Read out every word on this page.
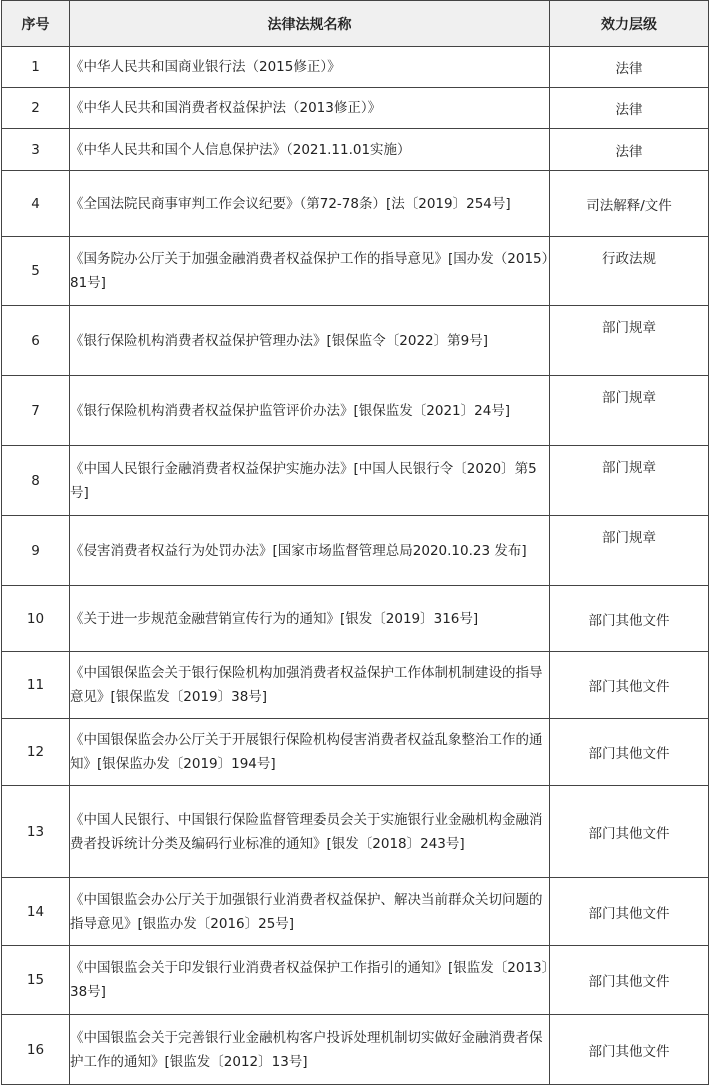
序号	法律法规名称	效力层级
1	《中华人民共和国商业银行法（2015修正）》	法律
2	《中华人民共和国消费者权益保护法（2013修正）》	法律
3	《中华人民共和国个人信息保护法》（2021.11.01实施）	法律
4	《全国法院民商事审判工作会议纪要》（第72-78条）[法〔2019〕254号]	司法解释/文件
5	《国务院办公厅关于加强金融消费者权益保护工作的指导意见》[国办发（2015）81号]	行政法规
6	《银行保险机构消费者权益保护管理办法》[银保监令〔2022〕第9号]	部门规章
7	《银行保险机构消费者权益保护监管评价办法》[银保监发〔2021〕24号]	部门规章
8	《中国人民银行金融消费者权益保护实施办法》[中国人民银行令〔2020〕第5号]	部门规章
9	《侵害消费者权益行为处罚办法》[国家市场监督管理总局2020.10.23 发布]	部门规章
10	《关于进一步规范金融营销宣传行为的通知》[银发〔2019〕316号]	部门其他文件
11	《中国银保监会关于银行保险机构加强消费者权益保护工作体制机制建设的指导意见》[银保监发〔2019〕38号]	部门其他文件
12	《中国银保监会办公厅关于开展银行保险机构侵害消费者权益乱象整治工作的通知》[银保监办发〔2019〕194号]	部门其他文件
13	《中国人民银行、中国银行保险监督管理委员会关于实施银行业金融机构金融消费者投诉统计分类及编码行业标准的通知》[银发〔2018〕243号]	部门其他文件
14	《中国银监会办公厅关于加强银行业消费者权益保护、解决当前群众关切问题的指导意见》[银监办发〔2016〕25号]	部门其他文件
15	《中国银监会关于印发银行业消费者权益保护工作指引的通知》[银监发〔2013〕38号]	部门其他文件
16	《中国银监会关于完善银行业金融机构客户投诉处理机制切实做好金融消费者保护工作的通知》[银监发〔2012〕13号]	部门其他文件
